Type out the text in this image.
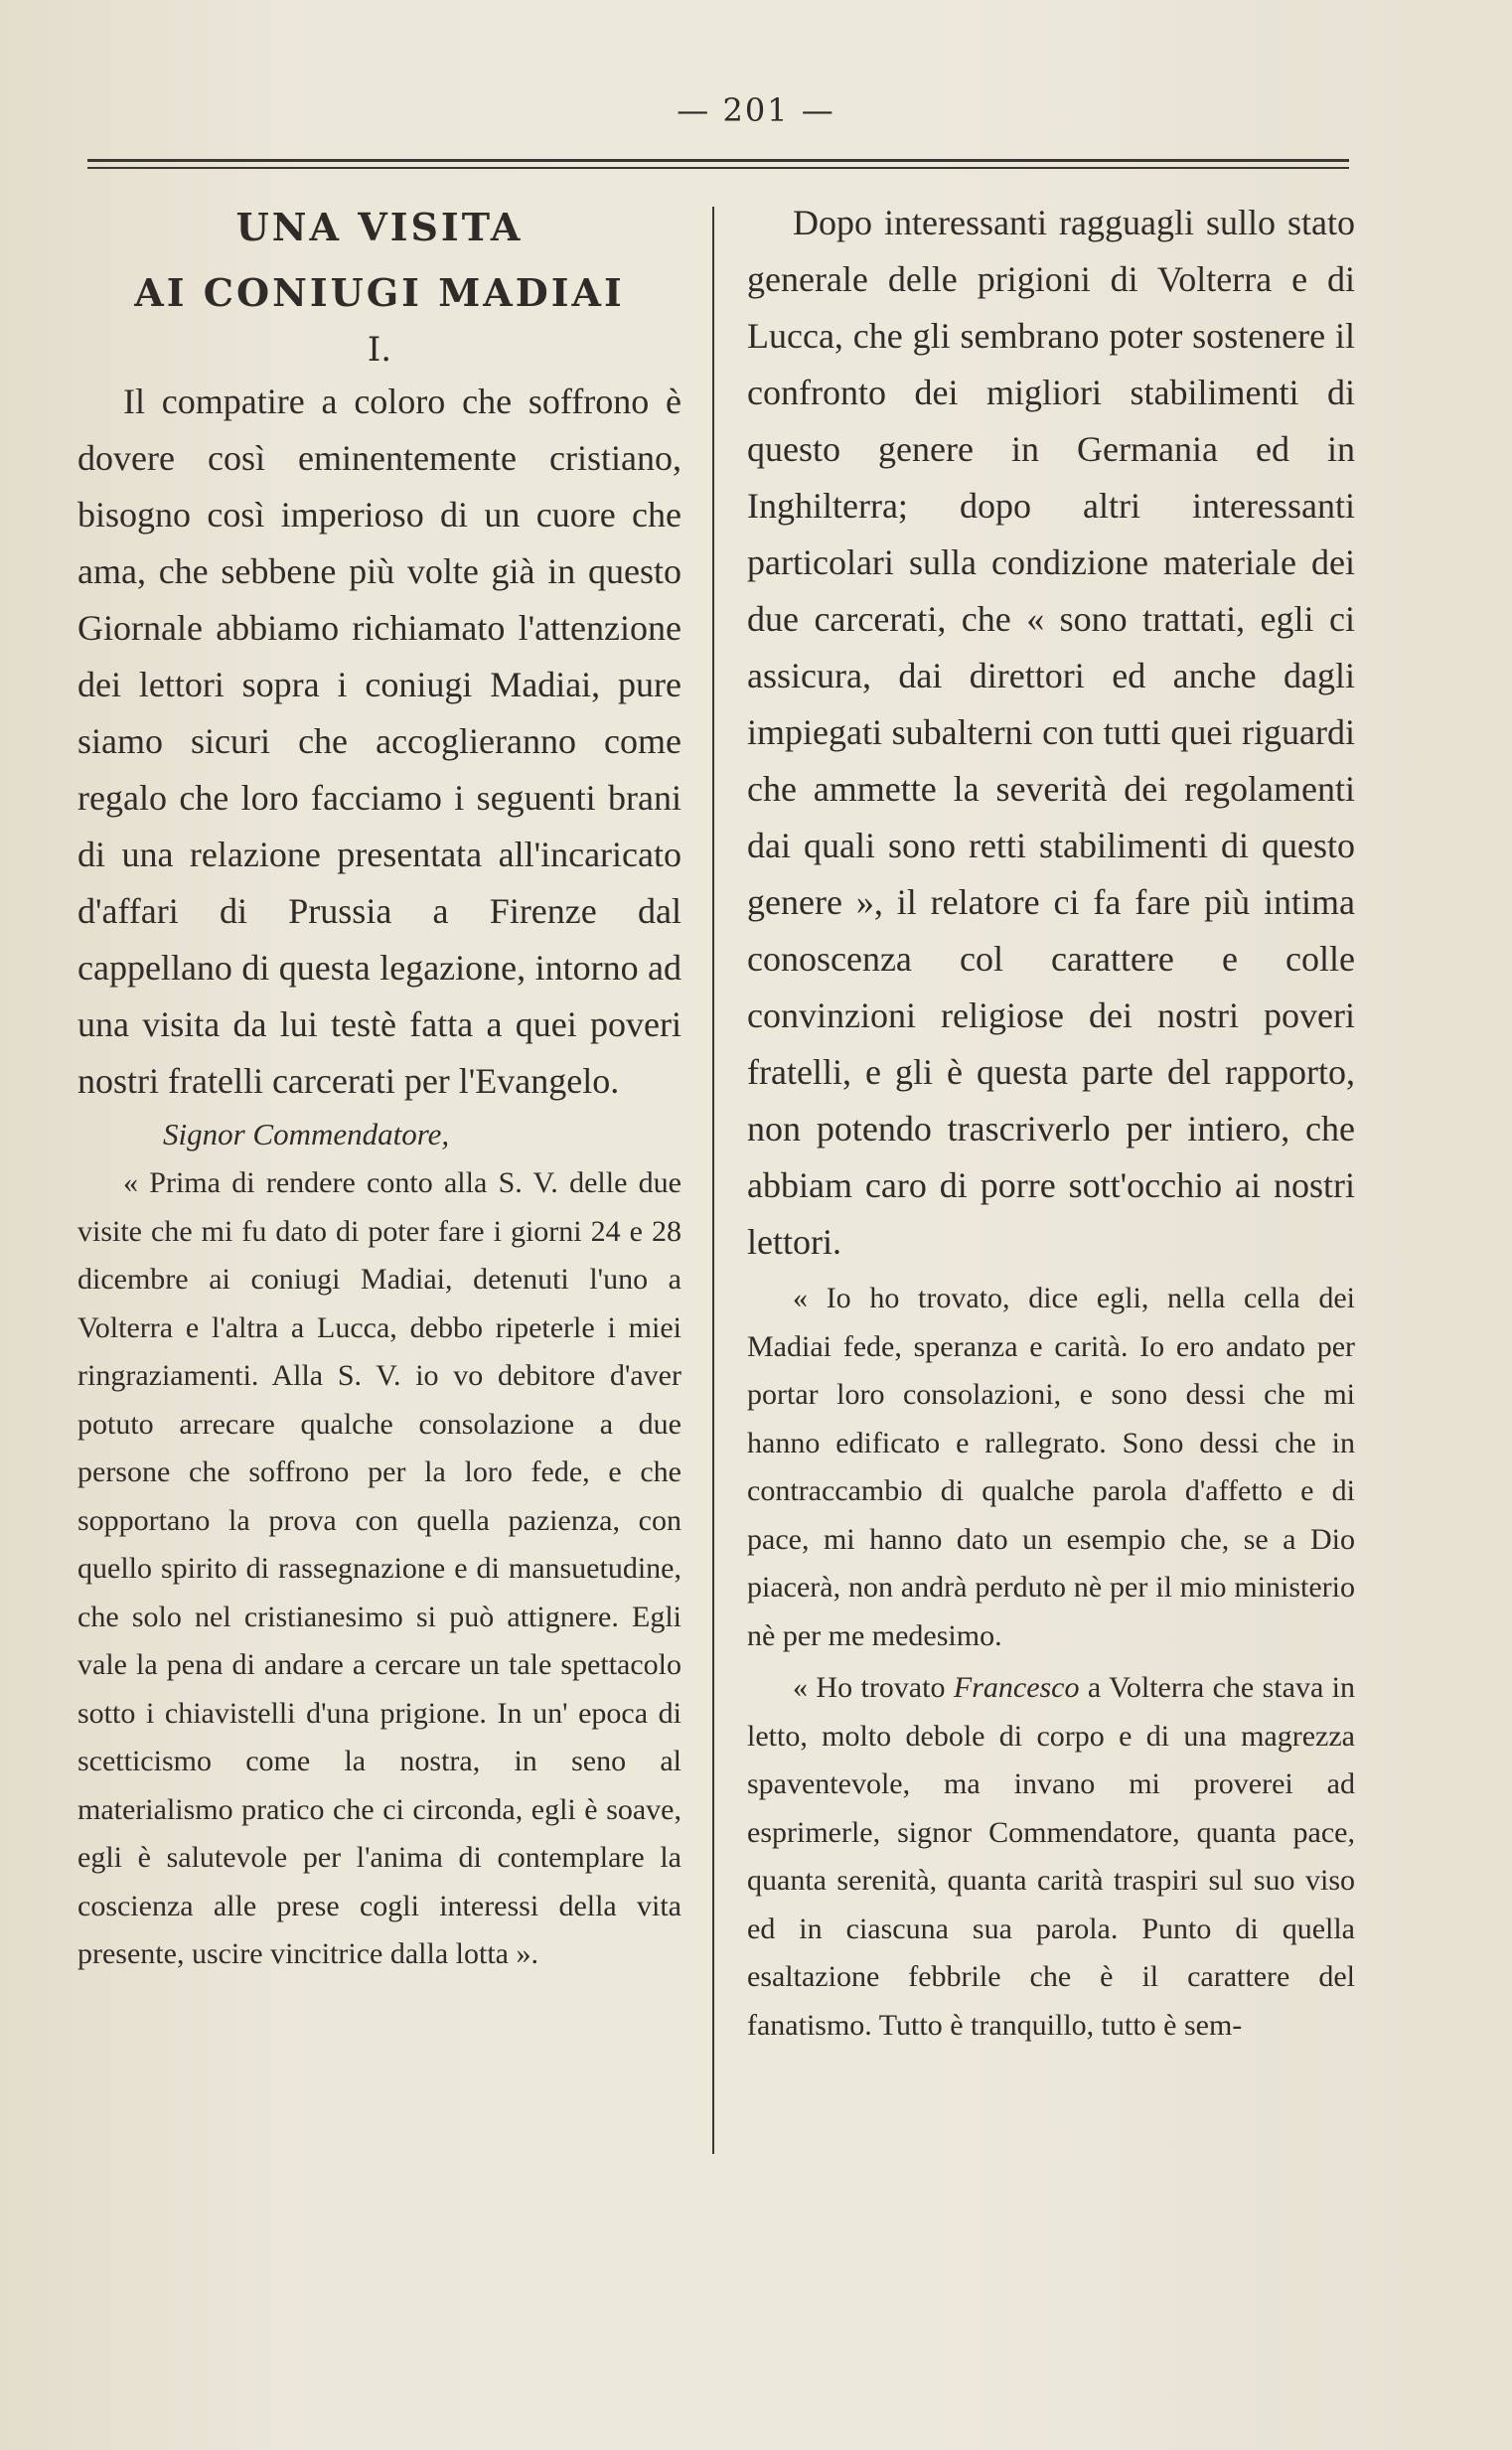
— 201 —

UNA VISITA

AI CONIUGI MADIAI

I.

Il compatire a coloro che soffrono è dovere così eminentemente cristiano, bisogno così imperioso di un cuore che ama, che sebbene più volte già in questo Giornale abbiamo richiamato l'attenzione dei lettori sopra i coniugi Madiai, pure siamo sicuri che accoglieranno come regalo che loro facciamo i seguenti brani di una relazione presentata all'incaricato d'affari di Prussia a Firenze dal cappellano di questa legazione, intorno ad una visita da lui testè fatta a quei poveri nostri fratelli carcerati per l'Evangelo.

Signor Commendatore,

« Prima di rendere conto alla S. V. delle due visite che mi fu dato di poter fare i giorni 24 e 28 dicembre ai coniugi Madiai, detenuti l'uno a Volterra e l'altra a Lucca, debbo ripeterle i miei ringraziamenti. Alla S. V. io vo debitore d'aver potuto arrecare qualche consolazione a due persone che soffrono per la loro fede, e che sopportano la prova con quella pazienza, con quello spirito di rassegnazione e di mansuetudine, che solo nel cristianesimo si può attignere. Egli vale la pena di andare a cercare un tale spettacolo sotto i chiavistelli d'una prigione. In un' epoca di scetticismo come la nostra, in seno al materialismo pratico che ci circonda, egli è soave, egli è salutevole per l'anima di contemplare la coscienza alle prese cogli interessi della vita presente, uscire vincitrice dalla lotta ».

Dopo interessanti ragguagli sullo stato generale delle prigioni di Volterra e di Lucca, che gli sembrano poter sostenere il confronto dei migliori stabilimenti di questo genere in Germania ed in Inghilterra; dopo altri interessanti particolari sulla condizione materiale dei due carcerati, che « sono trattati, egli ci assicura, dai direttori ed anche dagli impiegati subalterni con tutti quei riguardi che ammette la severità dei regolamenti dai quali sono retti stabilimenti di questo genere », il relatore ci fa fare più intima conoscenza col carattere e colle convinzioni religiose dei nostri poveri fratelli, e gli è questa parte del rapporto, non potendo trascriverlo per intiero, che abbiam caro di porre sott'occhio ai nostri lettori.

« Io ho trovato, dice egli, nella cella dei Madiai fede, speranza e carità. Io ero andato per portar loro consolazioni, e sono dessi che mi hanno edificato e rallegrato. Sono dessi che in contraccambio di qualche parola d'affetto e di pace, mi hanno dato un esempio che, se a Dio piacerà, non andrà perduto nè per il mio ministerio nè per me medesimo.

« Ho trovato Francesco a Volterra che stava in letto, molto debole di corpo e di una magrezza spaventevole, ma invano mi proverei ad esprimerle, signor Commendatore, quanta pace, quanta serenità, quanta carità traspiri sul suo viso ed in ciascuna sua parola. Punto di quella esaltazione febbrile che è il carattere del fanatismo. Tutto è tranquillo, tutto è sem-
